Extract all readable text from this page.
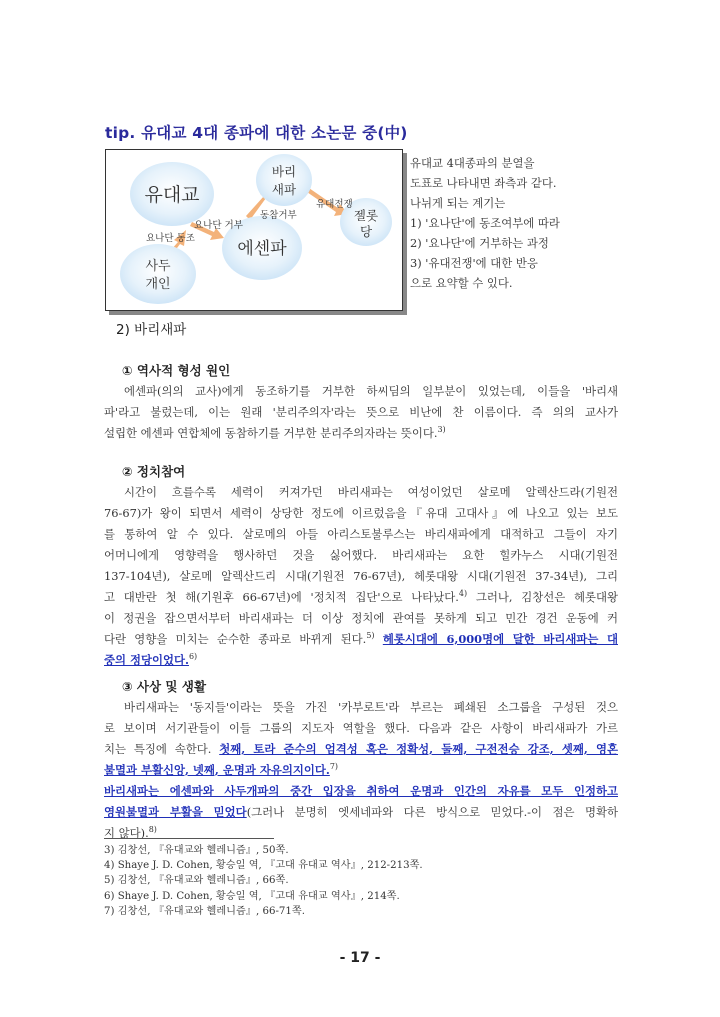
tip. 유대교 4대 종파에 대한 소논문 중(中)
유대교
바리
새파
에센파
사두
개인
젤롯
당
요나단 동조
요나단 거부
동참거부
유대전쟁
유대교 4대종파의 분열을
도표로 나타내면 좌측과 같다.
나뉘게 되는 계기는
1) '요나단'에 동조여부에 따라
2) '요나단'에 거부하는 과정
3) '유대전쟁'에 대한 반응
으로 요약할 수 있다.
2) 바리새파
① 역사적 형성 원인
에센파(의의 교사)에게 동조하기를 거부한 하씨딤의 일부분이 있었는데, 이들을 '바리새
파'라고 불렀는데, 이는 원래 '분리주의자'라는 뜻으로 비난에 찬 이름이다. 즉 의의 교사가
설립한 에센파 연합체에 동참하기를 거부한 분리주의자라는 뜻이다.$^{3)}$
② 정치참여
시간이 흐를수록 세력이 커져가던 바리새파는 여성이었던 살로메 알렉산드라(기원전
76-67)가 왕이 되면서 세력이 상당한 정도에 이르렀음을『유대 고대사』에 나오고 있는 보도
를 통하여 알 수 있다. 살로메의 아들 아리스토불루스는 바리새파에게 대적하고 그들이 자기
어머니에게 영향력을 행사하던 것을 싫어했다. 바리새파는 요한 힐카누스 시대(기원전
137-104년), 살로메 알렉산드리 시대(기원전 76-67년), 헤롯대왕 시대(기원전 37-34년), 그리
고 대반란 첫 해(기원후 66-67년)에 '정치적 집단'으로 나타났다.$^{4)}$ 그러나, 김창선은 헤롯대왕
이 정권을 잡으면서부터 바리새파는 더 이상 정치에 관여를 못하게 되고 민간 경건 운동에 커
다란 영향을 미치는 순수한 종파로 바뀌게 된다.$^{5)}$ 헤롯시대에 6,000명에 달한 바리새파는 대
중의 정당이었다.$^{6)}$
③ 사상 및 생활
바리새파는 '동지들'이라는 뜻을 가진 '카부로트'라 부르는 폐쇄된 소그룹을 구성된 것으
로 보이며 서기관들이 이들 그룹의 지도자 역할을 했다. 다음과 같은 사항이 바리새파가 가르
치는 특징에 속한다. 첫째, 토라 준수의 엄격성 혹은 정확성, 둘째, 구전전승 강조, 셋째, 영혼
불멸과 부활신앙, 넷째, 운명과 자유의지이다.$^{7)}$
바리새파는 에센파와 사두개파의 중간 입장을 취하여 운명과 인간의 자유를 모두 인정하고
영원불멸과 부활을 믿었다(그러나 분명히 엣세네파와 다른 방식으로 믿었다.-이 점은 명확하
지 않다).$^{8)}$
3) 김창선, 『유대교와 헬레니즘』, 50쪽.
4) Shaye J. D. Cohen, 황승일 역, 『고대 유대교 역사』, 212-213쪽.
5) 김창선, 『유대교와 헬레니즘』, 66쪽.
6) Shaye J. D. Cohen, 황승일 역, 『고대 유대교 역사』, 214쪽.
7) 김창선, 『유대교와 헬레니즘』, 66-71쪽.
- 17 -
